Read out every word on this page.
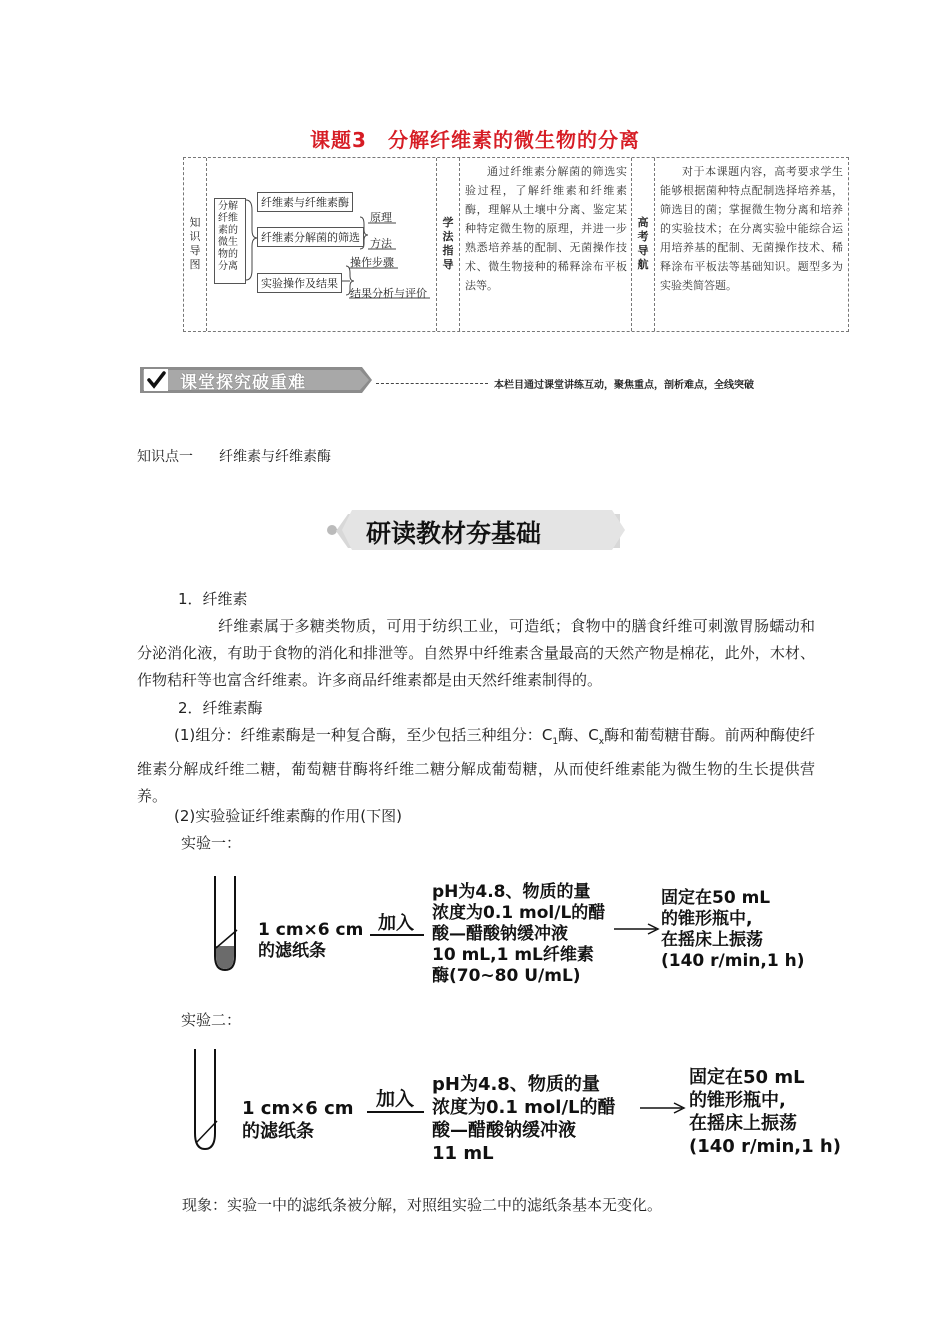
课题3　分解纤维素的微生物的分离
知识导图
学法指导
高考导航
分解纤维素的微生物的分离
纤维素与纤维素酶
纤维素分解菌的筛选
原理
方法
实验操作及结果
操作步骤
结果分析与评价
通过纤维素分解菌的筛选实验过程，了解纤维素和纤维素酶，理解从土壤中分离、鉴定某种特定微生物的原理，并进一步熟悉培养基的配制、无菌操作技术、微生物接种的稀释涂布平板法等。
对于本课题内容，高考要求学生能够根据菌种特点配制选择培养基，筛选目的菌；掌握微生物分离和培养的实验技术；在分离实验中能综合运用培养基的配制、无菌操作技术、稀释涂布平板法等基础知识。题型多为实验类简答题。
课堂探究破重难	本栏目通过课堂讲练互动，聚焦重点，剖析难点，全线突破
知识点一 纤维素与纤维素酶
研读教材夯基础
1．纤维素
纤维素属于多糖类物质，可用于纺织工业，可造纸；食物中的膳食纤维可刺激胃肠蠕动和分泌消化液，有助于食物的消化和排泄等。自然界中纤维素含量最高的天然产物是棉花，此外，木材、作物秸秆等也富含纤维素。许多商品纤维素都是由天然纤维素制得的。
2．纤维素酶
(1)组分：纤维素酶是一种复合酶，至少包括三种组分：$C_1$酶、$C_x$酶和葡萄糖苷酶。前两种酶使纤维素分解成纤维二糖，葡萄糖苷酶将纤维二糖分解成葡萄糖，从而使纤维素能为微生物的生长提供营养。
(2)实验验证纤维素酶的作用(下图)
实验一：
1 cm×6 cm
的滤纸条
加入
pH为4.8、物质的量
浓度为0.1 mol/L的醋
酸—醋酸钠缓冲液
10 mL,1 mL纤维素
酶(70~80 U/mL)
固定在50 mL
的锥形瓶中,
在摇床上振荡
(140 r/min,1 h)
实验二：
1 cm×6 cm
的滤纸条
加入
pH为4.8、物质的量
浓度为0.1 mol/L的醋
酸—醋酸钠缓冲液
11 mL
固定在50 mL
的锥形瓶中,
在摇床上振荡
(140 r/min,1 h)
现象：实验一中的滤纸条被分解，对照组实验二中的滤纸条基本无变化。
